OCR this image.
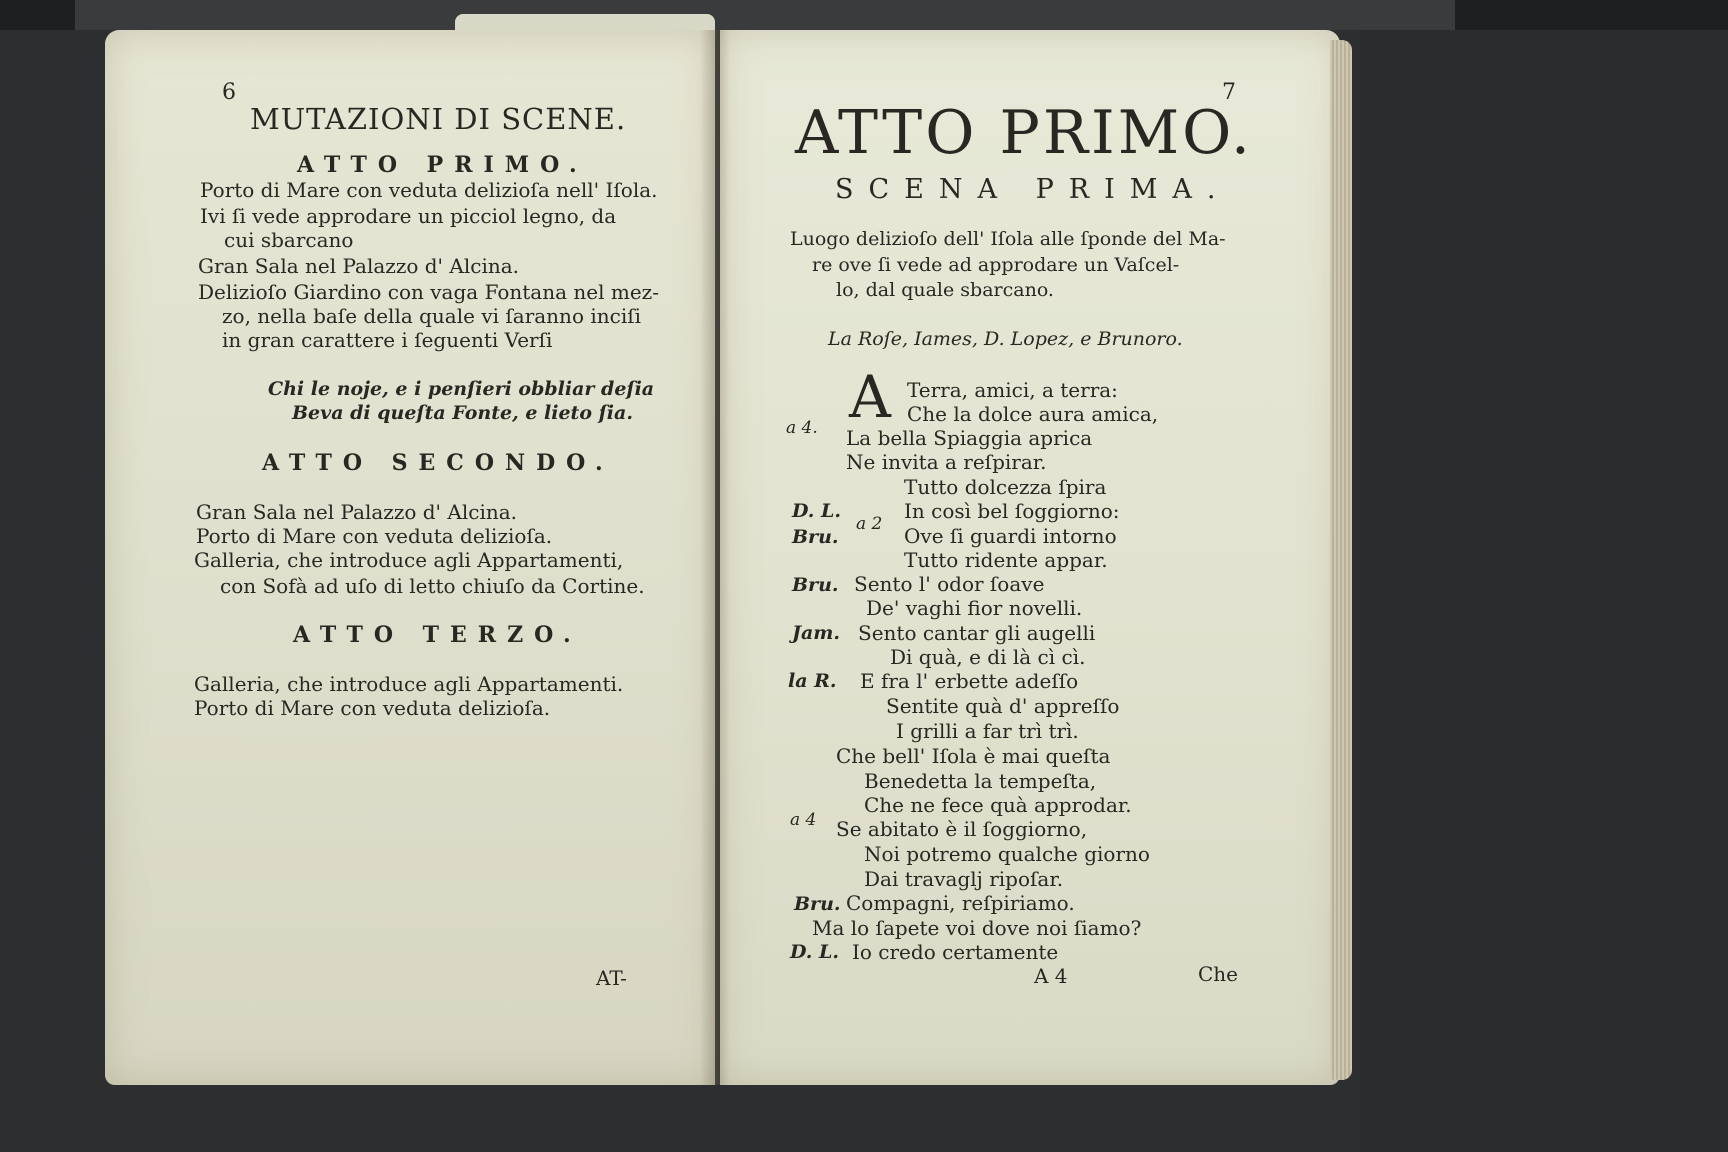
6
MUTAZIONI DI SCENE.
ATTO PRIMO.
Porto di Mare con veduta delizioſa nell' Iſola.
Ivi ſi vede approdare un picciol legno, da
cui sbarcano
Gran Sala nel Palazzo d' Alcina.
Delizioſo Giardino con vaga Fontana nel mez-
zo, nella baſe della quale vi ſaranno inciſi
in gran carattere i ſeguenti Verſi
Chi le noje, e i penſieri obbliar deſia
Beva di queſta Fonte, e lieto ſia.
ATTO SECONDO.
Gran Sala nel Palazzo d' Alcina.
Porto di Mare con veduta delizioſa.
Galleria, che introduce agli Appartamenti,
con Sofà ad uſo di letto chiuſo da Cortine.
ATTO TERZO.
Galleria, che introduce agli Appartamenti.
Porto di Mare con veduta delizioſa.
AT-
7
ATTO PRIMO.
SCENA PRIMA.
Luogo delizioſo dell' Iſola alle ſponde del Ma-
re ove ſi vede ad approdare un Vaſcel-
lo, dal quale sbarcano.
La Roſe, Iames, D. Lopez, e Brunoro.
A Terra, amici, a terra:
Che la dolce aura amica,
a 4. La bella Spiaggia aprica
Ne invita a reſpirar.
Tutto dolcezza ſpira
D. L.
a 2
In così bel ſoggiorno:
Bru.	Ove ſi guardi intorno
Tutto ridente appar.
Bru. Sento l' odor ſoave
De' vaghi fior novelli.
Jam. Sento cantar gli augelli
Di quà, e di là cì cì.
la R. E fra l' erbette adeſſo
Sentite quà d' appreſſo
I grilli a far trì trì.
Che bell' Iſola è mai queſta
Benedetta la tempeſta,
Che ne fece quà approdar.
a 4 Se abitato è il ſoggiorno,
Noi potremo qualche giorno
Dai travaglj ripoſar.
Bru. Compagni, reſpiriamo.
Ma lo ſapete voi dove noi ſiamo?
D. L. Io credo certamente
A 4	Che
